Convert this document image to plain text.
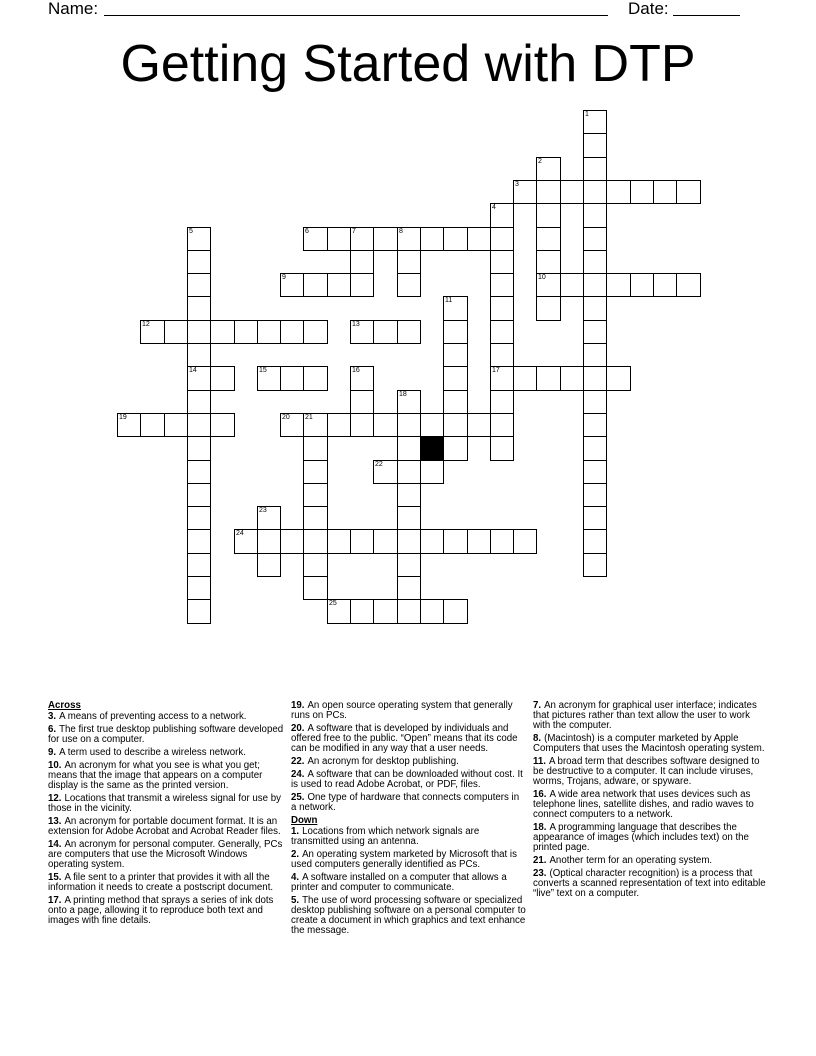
Name:	Date:
Getting Started with DTP
1
2
3
4
5	6	7	8
9	10
11
12	13
14	15	16	17
18
19	20 21
22
23
24
25
Across
3. A means of preventing access to a network.
6. The first true desktop publishing software developed for use on a computer.
9. A term used to describe a wireless network.
10. An acronym for what you see is what you get; means that the image that appears on a computer display is the same as the printed version.
12. Locations that transmit a wireless signal for use by those in the vicinity.
13. An acronym for portable document format. It is an extension for Adobe Acrobat and Acrobat Reader files.
14. An acronym for personal computer. Generally, PCs are computers that use the Microsoft Windows operating system.
15. A file sent to a printer that provides it with all the information it needs to create a postscript document.
17. A printing method that sprays a series of ink dots onto a page, allowing it to reproduce both text and images with fine details.
19. An open source operating system that generally runs on PCs.
20. A software that is developed by individuals and offered free to the public. “Open” means that its code can be modified in any way that a user needs.
22. An acronym for desktop publishing.
24. A software that can be downloaded without cost. It is used to read Adobe Acrobat, or PDF, files.
25. One type of hardware that connects computers in a network.
Down
1. Locations from which network signals are transmitted using an antenna.
2. An operating system marketed by Microsoft that is used computers generally identified as PCs.
4. A software installed on a computer that allows a printer and computer to communicate.
5. The use of word processing software or specialized desktop publishing software on a personal computer to create a document in which graphics and text enhance the message.
7. An acronym for graphical user interface; indicates that pictures rather than text allow the user to work with the computer.
8. (Macintosh) is a computer marketed by Apple Computers that uses the Macintosh operating system.
11. A broad term that describes software designed to be destructive to a computer. It can include viruses, worms, Trojans, adware, or spyware.
16. A wide area network that uses devices such as telephone lines, satellite dishes, and radio waves to connect computers to a network.
18. A programming language that describes the appearance of images (which includes text) on the printed page.
21. Another term for an operating system.
23. (Optical character recognition) is a process that converts a scanned representation of text into editable “live” text on a computer.
